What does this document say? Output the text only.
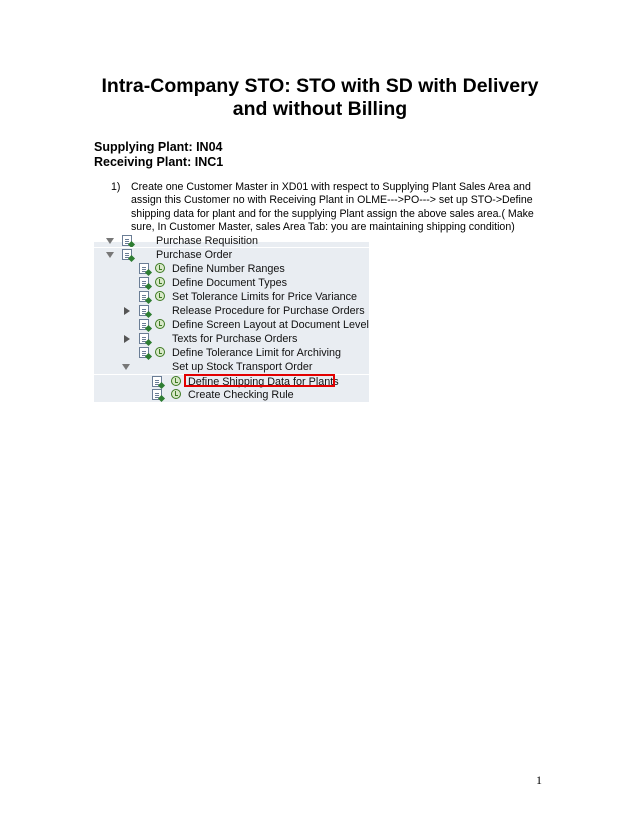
Intra-Company STO: STO with SD with Delivery
and without Billing
Supplying Plant: IN04
Receiving Plant: INC1
1) Create one Customer Master in XD01 with respect to Supplying Plant Sales Area and assign this Customer no with Receiving Plant in OLME--->PO---> set up STO->Define shipping data for plant and for the supplying Plant assign the above sales area.( Make sure, In Customer Master, sales Area Tab: you are maintaining shipping condition)
Purchase Requisition
Purchase Order
Define Number Ranges
Define Document Types
Set Tolerance Limits for Price Variance
Release Procedure for Purchase Orders
Define Screen Layout at Document Level
Texts for Purchase Orders
Define Tolerance Limit for Archiving
Set up Stock Transport Order
Define Shipping Data for Plants
Create Checking Rule
1
